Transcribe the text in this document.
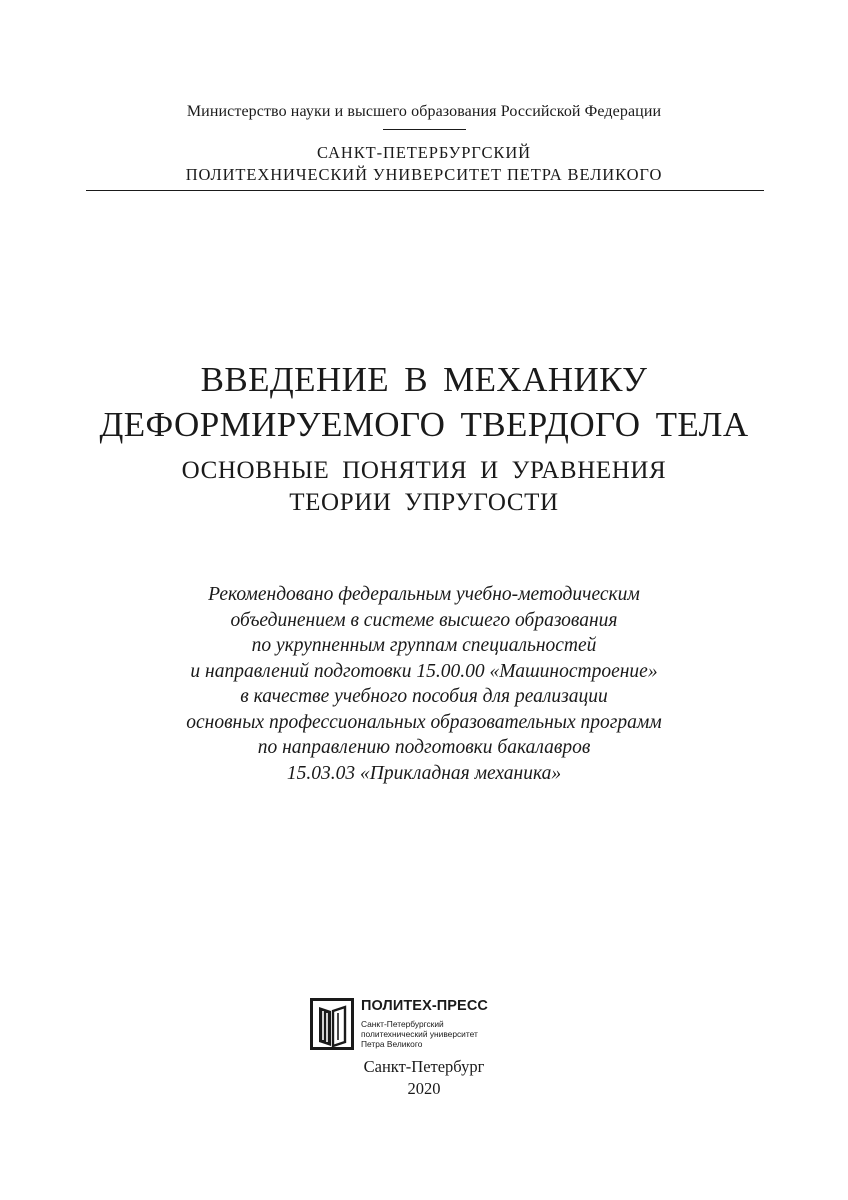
Министерство науки и высшего образования Российской Федерации
САНКТ-ПЕТЕРБУРГСКИЙ
ПОЛИТЕХНИЧЕСКИЙ УНИВЕРСИТЕТ ПЕТРА ВЕЛИКОГО
ВВЕДЕНИЕ В МЕХАНИКУ
ДЕФОРМИРУЕМОГО ТВЕРДОГО ТЕЛА
ОСНОВНЫЕ ПОНЯТИЯ И УРАВНЕНИЯ
ТЕОРИИ УПРУГОСТИ
Рекомендовано федеральным учебно-методическим
объединением в системе высшего образования
по укрупненным группам специальностей
и направлений подготовки 15.00.00 «Машиностроение»
в качестве учебного пособия для реализации
основных профессиональных образовательных программ
по направлению подготовки бакалавров
15.03.03 «Прикладная механика»
ПОЛИТЕХ-ПРЕСС
Санкт-Петербургский
политехнический университет
Петра Великого
Санкт-Петербург
2020
